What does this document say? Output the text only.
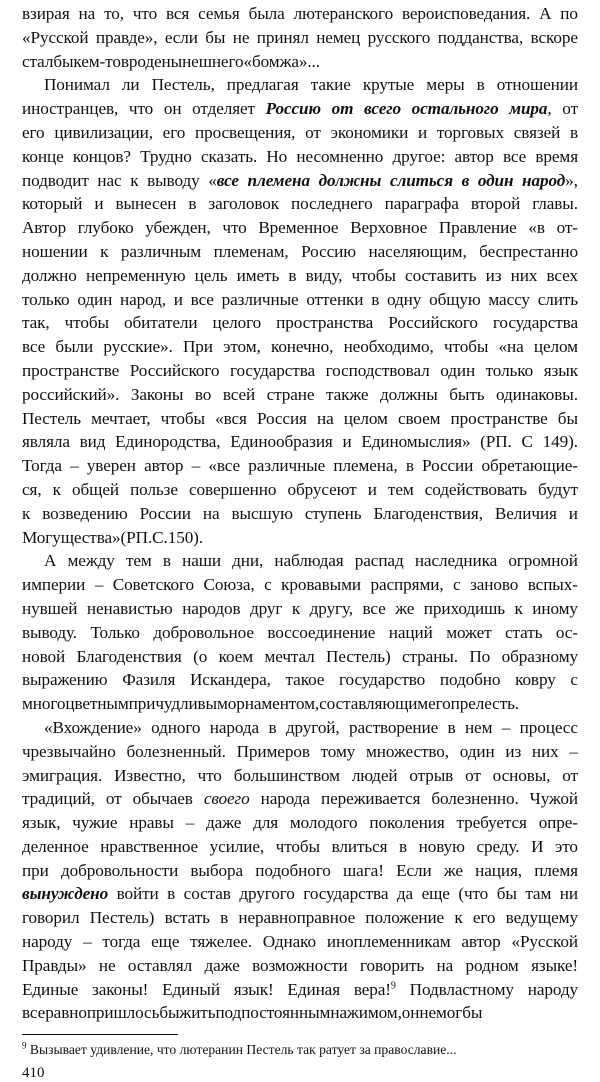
взирая на то, что вся семья была лютеранского вероисповедания. А по
«Русской правде», если бы не принял немец русского подданства, вскоре
стал бы кем-то вроде нынешнего «бомжа»...
Понимал ли Пестель, предлагая такие крутые меры в отношении
иностранцев, что он отделяет Россию от всего остального мира, от
его цивилизации, его просвещения, от экономики и торговых связей в
конце концов? Трудно сказать. Но несомненно другое: автор все время
подводит нас к выводу «все племена должны слиться в один народ»,
который и вынесен в заголовок последнего параграфа второй главы.
Автор глубоко убежден, что Временное Верховное Правление «в от-
ношении к различным племенам, Россию населяющим, беспрестанно
должно непременную цель иметь в виду, чтобы составить из них всех
только один народ, и все различные оттенки в одну общую массу слить
так, чтобы обитатели целого пространства Российского государства
все были русские». При этом, конечно, необходимо, чтобы «на целом
пространстве Российского государства господствовал один только язык
российский». Законы во всей стране также должны быть одинаковы.
Пестель мечтает, чтобы «вся Россия на целом своем пространстве бы
являла вид Единородства, Единообразия и Единомыслия» (РП. С 149).
Тогда – уверен автор – «все различные племена, в России обретающие-
ся, к общей пользе совершенно обрусеют и тем содействовать будут
к возведению России на высшую ступень Благоденствия, Величия и
Могущества» (РП. С. 150).
А между тем в наши дни, наблюдая распад наследника огромной
империи – Советского Союза, с кровавыми распрями, с заново вспых-
нувшей ненавистью народов друг к другу, все же приходишь к иному
выводу. Только добровольное воссоединение наций может стать ос-
новой Благоденствия (о коем мечтал Пестель) страны. По образному
выражению Фазиля Искандера, такое государство подобно ковру с
многоцветным причудливым орнаментом, составляющим его прелесть.
«Вхождение» одного народа в другой, растворение в нем – процесс
чрезвычайно болезненный. Примеров тому множество, один из них –
эмиграция. Известно, что большинством людей отрыв от основы, от
традиций, от обычаев своего народа переживается болезненно. Чужой
язык, чужие нравы – даже для молодого поколения требуется опре-
деленное нравственное усилие, чтобы влиться в новую среду. И это
при добровольности выбора подобного шага! Если же нация, племя
вынуждено войти в состав другого государства да еще (что бы там ни
говорил Пестель) встать в неравноправное положение к его ведущему
народу – тогда еще тяжелее. Однако иноплеменникам автор «Русской
Правды» не оставлял даже возможности говорить на родном языке!
Единые законы! Единый язык! Единая вера!$^9$ Подвластному народу
все равно пришлось бы жить под постоянным нажимом, он не мог бы
$^9$ Вызывает удивление, что лютеранин Пестель так ратует за православие...
410
